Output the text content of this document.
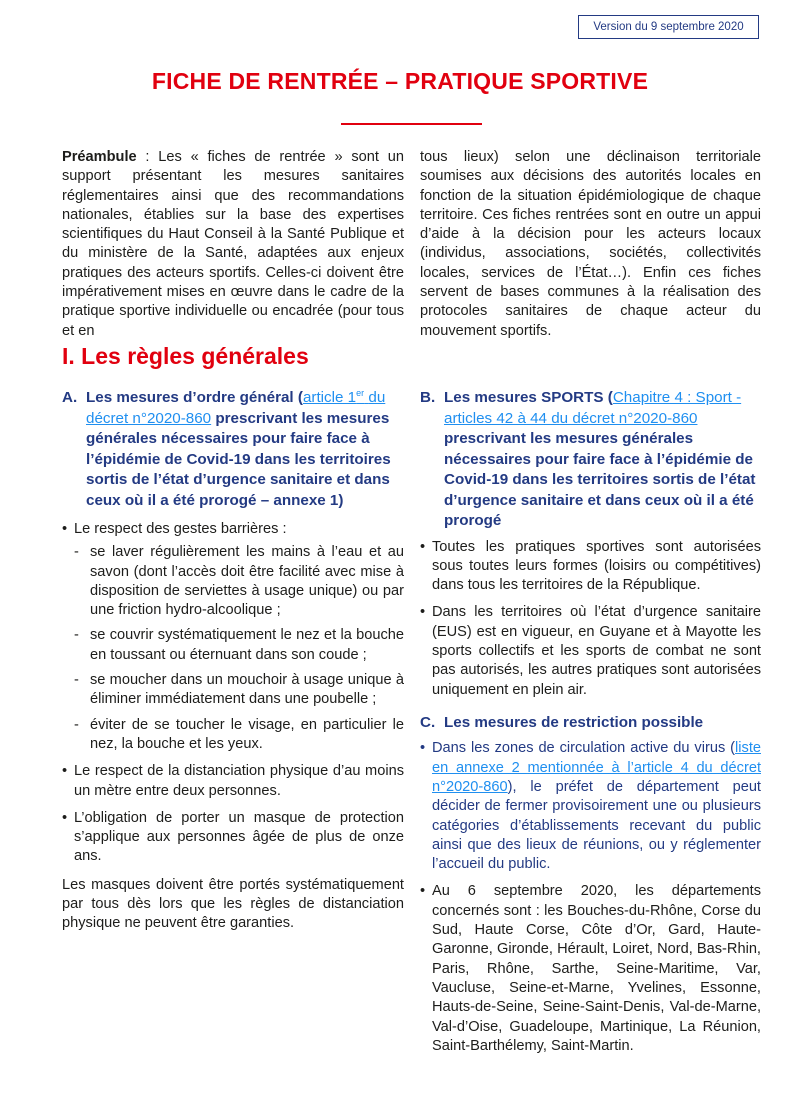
Version du 9 septembre 2020
FICHE DE RENTRÉE – PRATIQUE SPORTIVE

Préambule : Les « fiches de rentrée » sont un support présentant les mesures sanitaires réglementaires ainsi que des recommandations nationales, établies sur la base des expertises scientifiques du Haut Conseil à la Santé Publique et du ministère de la Santé, adaptées aux enjeux pratiques des acteurs sportifs. Celles-ci doivent être impérativement mises en œuvre dans le cadre de la pratique sportive individuelle ou encadrée (pour tous et en

tous lieux) selon une déclinaison territoriale soumises aux décisions des autorités locales en fonction de la situation épidémiologique de chaque territoire. Ces fiches rentrées sont en outre un appui d’aide à la décision pour les acteurs locaux (individus, associations, sociétés, collectivités locales, services de l’État…). Enfin ces fiches servent de bases communes à la réalisation des protocoles sanitaires de chaque acteur du mouvement sportifs.

I. Les règles générales
A. Les mesures d’ordre général (article 1er du décret n°2020-860 prescrivant les mesures générales nécessaires pour faire face à l’épidémie de Covid-19 dans les territoires sortis de l’état d’urgence sanitaire et dans ceux où il a été prorogé – annexe 1)
• Le respect des gestes barrières :
- se laver régulièrement les mains à l’eau et au savon (dont l’accès doit être facilité avec mise à disposition de serviettes à usage unique) ou par une friction hydro-alcoolique ;
- se couvrir systématiquement le nez et la bouche en toussant ou éternuant dans son coude ;
- se moucher dans un mouchoir à usage unique à éliminer immédiatement dans une poubelle ;
- éviter de se toucher le visage, en particulier le nez, la bouche et les yeux.
• Le respect de la distanciation physique d’au moins un mètre entre deux personnes.
• L’obligation de porter un masque de protection s’applique aux personnes âgée de plus de onze ans.

Les masques doivent être portés systématiquement par tous dès lors que les règles de distanciation physique ne peuvent être garanties.

B. Les mesures SPORTS (Chapitre 4 : Sport - articles 42 à 44 du décret n°2020-860 prescrivant les mesures générales nécessaires pour faire face à l’épidémie de Covid-19 dans les territoires sortis de l’état d’urgence sanitaire et dans ceux où il a été prorogé
• Toutes les pratiques sportives sont autorisées sous toutes leurs formes (loisirs ou compétitives) dans tous les territoires de la République.
• Dans les territoires où l’état d’urgence sanitaire (EUS) est en vigueur, en Guyane et à Mayotte les sports collectifs et les sports de combat ne sont pas autorisés, les autres pratiques sont autorisées uniquement en plein air.
C. Les mesures de restriction possible
• Dans les zones de circulation active du virus (liste en annexe 2 mentionnée à l’article 4 du décret n°2020-860), le préfet de département peut décider de fermer provisoirement une ou plusieurs catégories d’établissements recevant du public ainsi que des lieux de réunions, ou y réglementer l’accueil du public.
• Au 6 septembre 2020, les départements concernés sont : les Bouches-du-Rhône, Corse du Sud, Haute Corse, Côte d’Or, Gard, Haute-Garonne, Gironde, Hérault, Loiret, Nord, Bas-Rhin, Paris, Rhône, Sarthe, Seine-Maritime, Var, Vaucluse, Seine-et-Marne, Yvelines, Essonne, Hauts-de-Seine, Seine-Saint-Denis, Val-de-Marne, Val-d’Oise, Guadeloupe, Martinique, La Réunion, Saint-Barthélemy, Saint-Martin.
